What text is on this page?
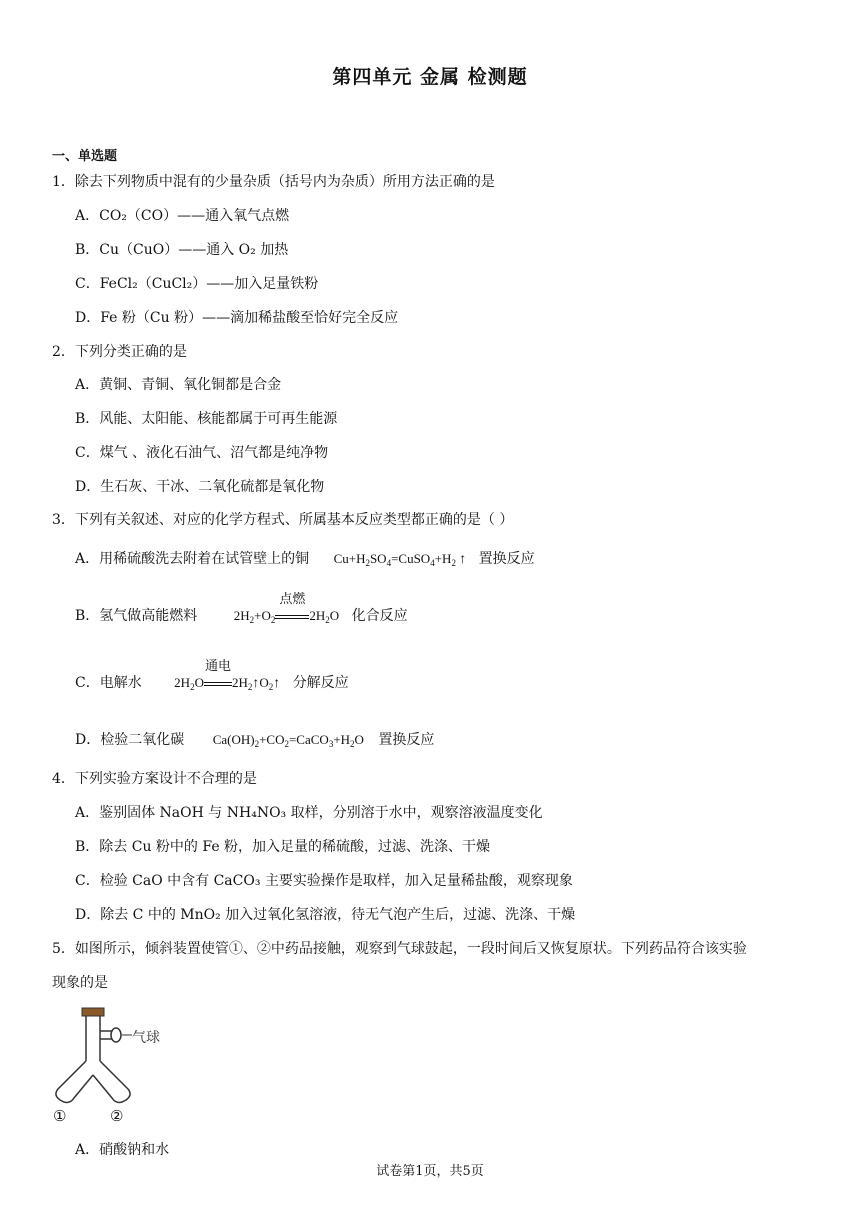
第四单元 金属 检测题
一、单选题
1．除去下列物质中混有的少量杂质（括号内为杂质）所用方法正确的是
A．CO₂（CO）——通入氧气点燃
B．Cu（CuO）——通入 O₂ 加热
C．FeCl₂（CuCl₂）——加入足量铁粉
D．Fe 粉（Cu 粉）——滴加稀盐酸至恰好完全反应
2．下列分类正确的是
A．黄铜、青铜、氧化铜都是合金
B．风能、太阳能、核能都属于可再生能源
C．煤气 、液化石油气、沼气都是纯净物
D．生石灰、干冰、二氧化硫都是氧化物
3．下列有关叙述、对应的化学方程式、所属基本反应类型都正确的是（ ）
A．用稀硫酸洗去附着在试管壁上的铜 $Cu+H_2SO_4=CuSO_4+H_2$ ↑ 置换反应
B．氢气做高能燃料	$2H_2+O_2$
点燃
$2H_2O$ 化合反应
C．电解水 $2H_2O$
通电
$2H_2↑O_2↑$ 分解反应
D．检验二氧化碳 $Ca(OH)_2+CO_2=CaCO_3+H_2O$ 置换反应
4．下列实验方案设计不合理的是
A．鉴别固体 NaOH 与 NH₄NO₃ 取样，分别溶于水中，观察溶液温度变化
B．除去 Cu 粉中的 Fe 粉，加入足量的稀硫酸，过滤、洗涤、干燥
C．检验 CaO 中含有 CaCO₃ 主要实验操作是取样，加入足量稀盐酸，观察现象
D．除去 C 中的 MnO₂ 加入过氧化氢溶液，待无气泡产生后，过滤、洗涤、干燥
5．如图所示，倾斜装置使管①、②中药品接触，观察到气球鼓起，一段时间后又恢复原状。下列药品符合该实验
现象的是
气球
①	②
A．硝酸钠和水
试卷第1页，共5页
